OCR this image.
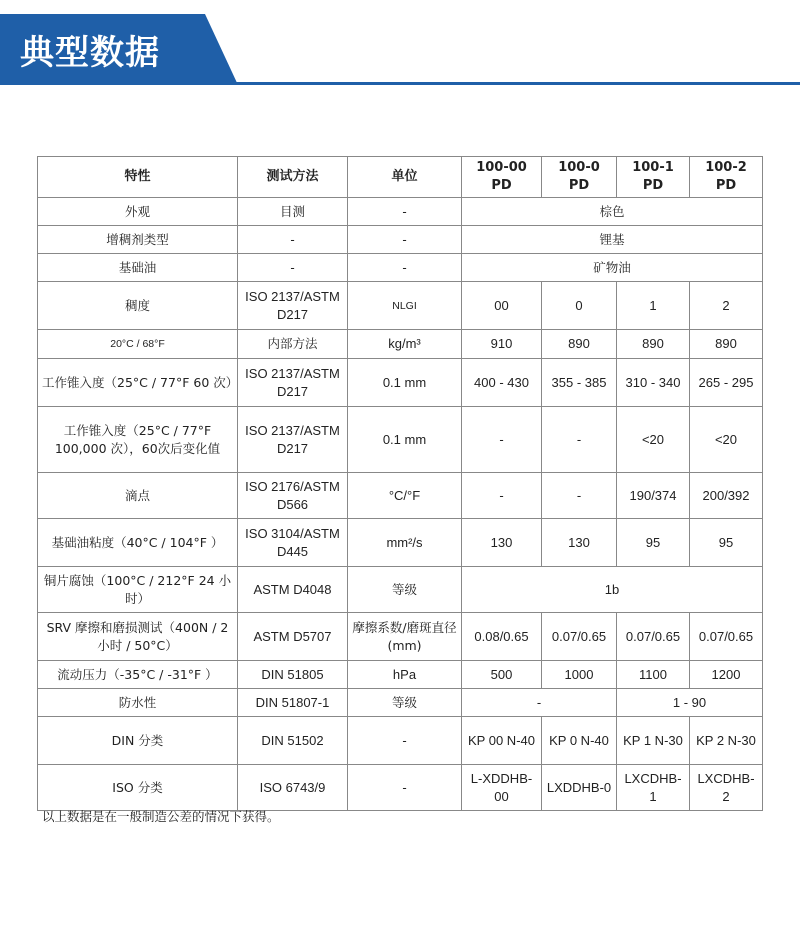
典型数据
特性	测试方法	单位	100-00 PD	100-0 PD	100-1 PD	100-2 PD
外观	目测	-	棕色			
增稠剂类型	-	-	锂基			
基础油	-	-	矿物油			
稠度	ISO 2137/ASTM D217	NLGI	00	0	1	2
20°C / 68°F	内部方法	kg/m³	910	890	890	890
工作锥入度（25°C / 77°F 60 次）	ISO 2137/ASTM D217	0.1 mm	400 - 430	355 - 385	310 - 340	265 - 295
工作锥入度（25°C / 77°F 100,000 次），60次后变化值	ISO 2137/ASTM D217	0.1 mm	-	-	<20	<20
滴点	ISO 2176/ASTM D566	°C/°F	-	-	190/374	200/392
基础油粘度（40°C / 104°F ）	ISO 3104/ASTM D445	mm²/s	130	130	95	95
铜片腐蚀（100°C / 212°F 24 小时）	ASTM D4048	等级	1b			
SRV 摩擦和磨损测试（400N / 2 小时 / 50°C）	ASTM D5707	摩擦系数/磨斑直径 (mm)	0.08/0.65	0.07/0.65	0.07/0.65	0.07/0.65
流动压力（-35°C / -31°F ）	DIN 51805	hPa	500	1000	1100	1200
防水性	DIN 51807-1	等级	-		1 - 90	
DIN 分类	DIN 51502	-	KP 00 N-40	KP 0 N-40	KP 1 N-30	KP 2 N-30
ISO 分类	ISO 6743/9	-	L-XDDHB-00	LXDDHB-0	LXCDHB-1	LXCDHB-2
以上数据是在一般制造公差的情况下获得。
